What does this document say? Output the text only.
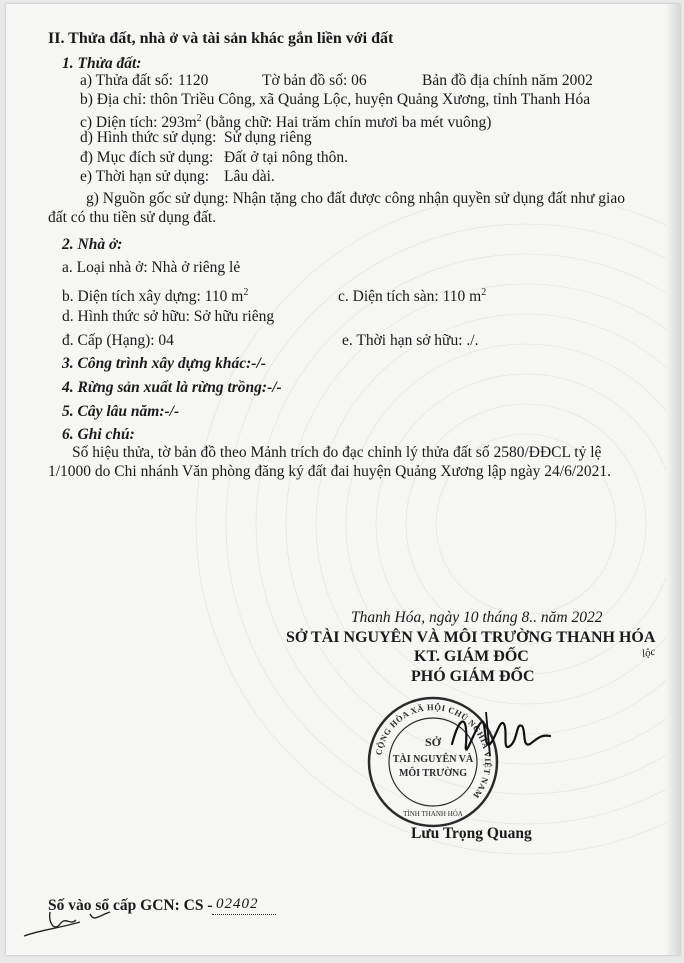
II. Thửa đất, nhà ở và tài sản khác gắn liền với đất
1. Thửa đất:
a) Thửa đất số: 1120	Tờ bản đồ số: 06	Bản đồ địa chính năm 2002
b) Địa chỉ: thôn Triều Công, xã Quảng Lộc, huyện Quảng Xương, tỉnh Thanh Hóa
c) Diện tích: $293m^2$ (bằng chữ: Hai trăm chín mươi ba mét vuông)
d) Hình thức sử dụng: Sử dụng riêng
đ) Mục đích sử dụng: Đất ở tại nông thôn.
e) Thời hạn sử dụng: Lâu dài.
g) Nguồn gốc sử dụng: Nhận tặng cho đất được công nhận quyền sử dụng đất như giao
đất có thu tiền sử dụng đất.
2. Nhà ở:
a. Loại nhà ở: Nhà ở riêng lẻ
b. Diện tích xây dựng: 110 $m^2$	c. Diện tích sàn: 110 $m^2$
d. Hình thức sở hữu: Sở hữu riêng
đ. Cấp (Hạng): 04	e. Thời hạn sở hữu: ./.
3. Công trình xây dựng khác:-/-
4. Rừng sản xuất là rừng trồng:-/-
5. Cây lâu năm:-/-
6. Ghi chú:
Số hiệu thửa, tờ bản đồ theo Mảnh trích đo đạc chỉnh lý thửa đất số 2580/ĐĐCL tỷ lệ
1/1000 do Chi nhánh Văn phòng đăng ký đất đai huyện Quảng Xương lập ngày 24/6/2021.
Thanh Hóa, ngày 10 tháng 8.. năm 2022
SỞ TÀI NGUYÊN VÀ MÔI TRƯỜNG THANH HÓA
lộc
KT. GIÁM ĐỐC
PHÓ GIÁM ĐỐC
CỘNG HÒA XÃ HỘI CHỦ NGHĨA VIỆT NAM
SỞ
TÀI NGUYÊN VÀ
MÔI TRƯỜNG
TỈNH THANH HÓA
Lưu Trọng Quang
Số vào sổ cấp GCN: CS - 02402
